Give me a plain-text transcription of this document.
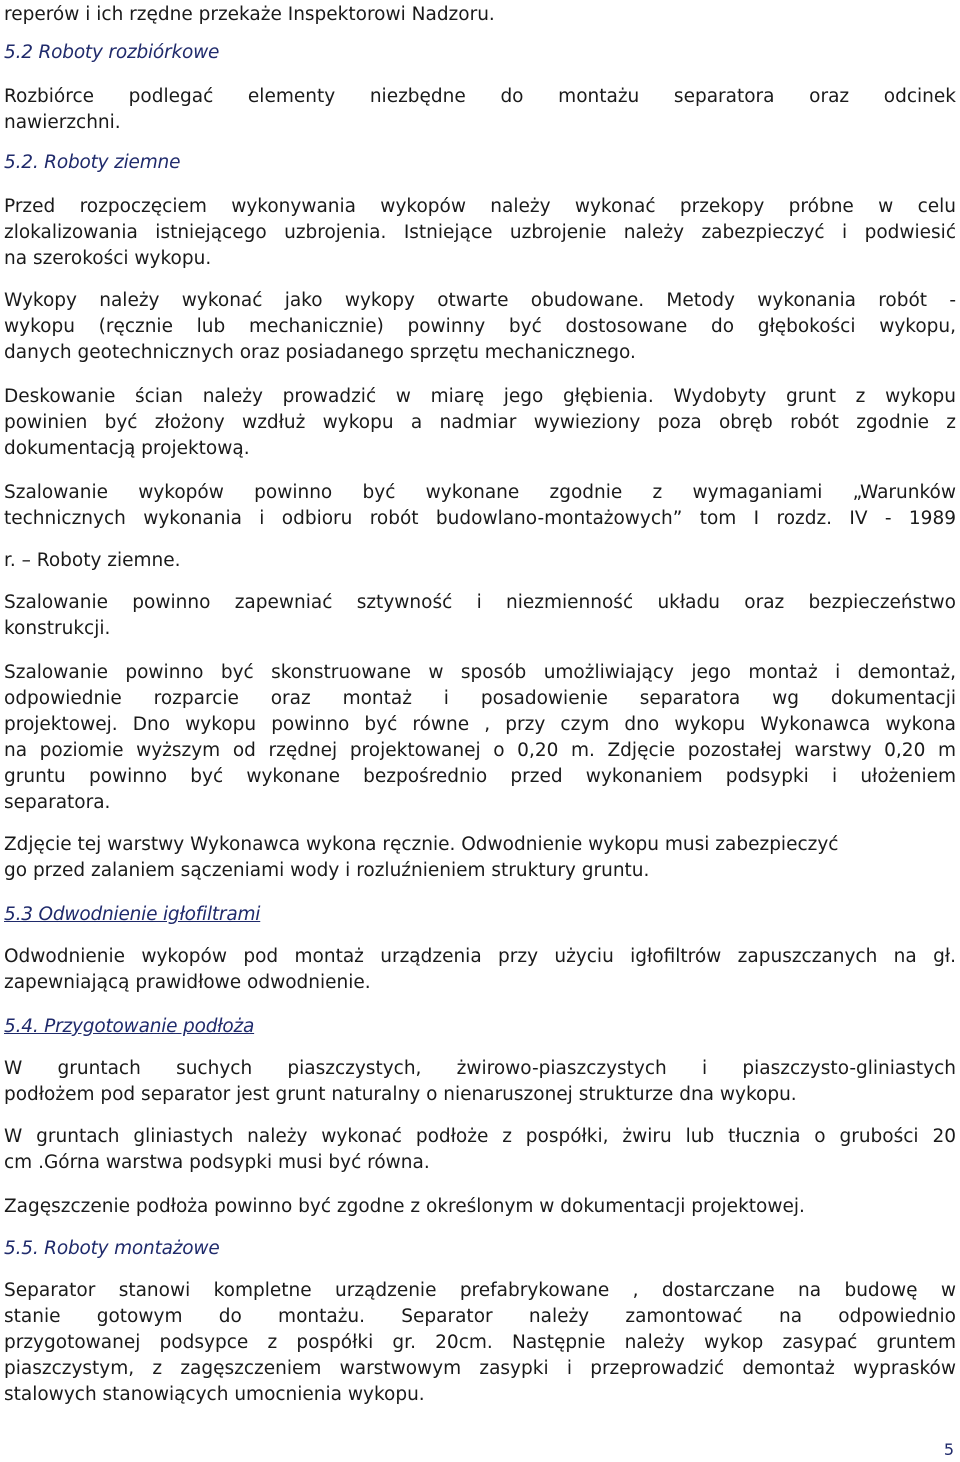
reperów i ich rzędne przekaże Inspektorowi Nadzoru.
5.2 Roboty rozbiórkowe
Rozbiórce podlegać elementy niezbędne do montażu separatora oraz odcinek
nawierzchni.
5.2. Roboty ziemne
Przed rozpoczęciem wykonywania wykopów należy wykonać przekopy próbne w celu
zlokalizowania istniejącego uzbrojenia. Istniejące uzbrojenie należy zabezpieczyć i podwiesić
na szerokości wykopu.
Wykopy należy wykonać jako wykopy otwarte obudowane. Metody wykonania robót -
wykopu (ręcznie lub mechanicznie) powinny być dostosowane do głębokości wykopu,
danych geotechnicznych oraz posiadanego sprzętu mechanicznego.
Deskowanie ścian należy prowadzić w miarę jego głębienia. Wydobyty grunt z wykopu
powinien być złożony wzdłuż wykopu a nadmiar wywieziony poza obręb robót zgodnie z
dokumentacją projektową.
Szalowanie wykopów powinno być wykonane zgodnie z wymaganiami „Warunków
technicznych wykonania i odbioru robót budowlano-montażowych” tom I rozdz. IV - 1989
r. – Roboty ziemne.
Szalowanie powinno zapewniać sztywność i niezmienność układu oraz bezpieczeństwo
konstrukcji.
Szalowanie powinno być skonstruowane w sposób umożliwiający jego montaż i demontaż,
odpowiednie rozparcie oraz montaż i posadowienie separatora wg dokumentacji
projektowej. Dno wykopu powinno być równe , przy czym dno wykopu Wykonawca wykona
na poziomie wyższym od rzędnej projektowanej o 0,20 m. Zdjęcie pozostałej warstwy 0,20 m
gruntu powinno być wykonane bezpośrednio przed wykonaniem podsypki i ułożeniem
separatora.
Zdjęcie tej warstwy Wykonawca wykona ręcznie. Odwodnienie wykopu musi zabezpieczyć
go przed zalaniem sączeniami wody i rozluźnieniem struktury gruntu.
5.3 Odwodnienie igłofiltrami
Odwodnienie wykopów pod montaż urządzenia przy użyciu igłofiltrów zapuszczanych na gł.
zapewniającą prawidłowe odwodnienie.
5.4. Przygotowanie podłoża
W gruntach suchych piaszczystych, żwirowo-piaszczystych i piaszczysto-gliniastych
podłożem pod separator jest grunt naturalny o nienaruszonej strukturze dna wykopu.
W gruntach gliniastych należy wykonać podłoże z pospółki, żwiru lub tłucznia o grubości 20
cm .Górna warstwa podsypki musi być równa.
Zagęszczenie podłoża powinno być zgodne z określonym w dokumentacji projektowej.
5.5. Roboty montażowe
Separator stanowi kompletne urządzenie prefabrykowane , dostarczane na budowę w
stanie gotowym do montażu. Separator należy zamontować na odpowiednio
przygotowanej podsypce z pospółki gr. 20cm. Następnie należy wykop zasypać gruntem
piaszczystym, z zagęszczeniem warstwowym zasypki i przeprowadzić demontaż wyprasków
stalowych stanowiących umocnienia wykopu.
5
